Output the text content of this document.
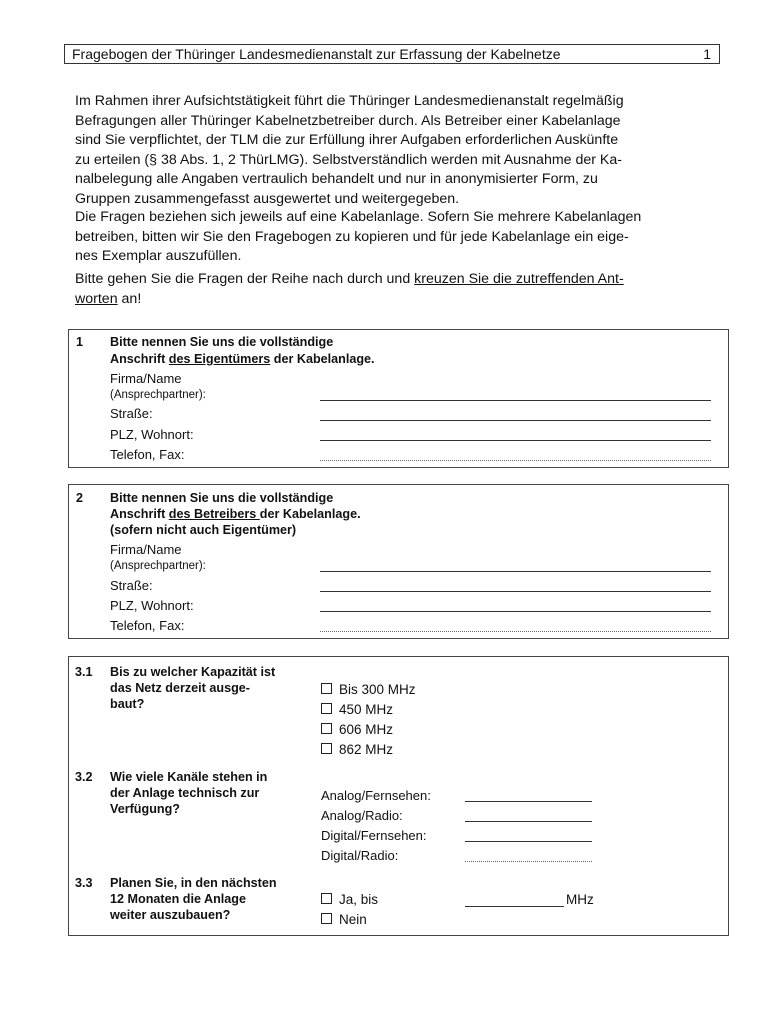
Fragebogen der Thüringer Landesmedienanstalt zur Erfassung der Kabelnetze	1
Im Rahmen ihrer Aufsichtstätigkeit führt die Thüringer Landesmedienanstalt regelmäßig
Befragungen aller Thüringer Kabelnetzbetreiber durch. Als Betreiber einer Kabelanlage
sind Sie verpflichtet, der TLM die zur Erfüllung ihrer Aufgaben erforderlichen Auskünfte
zu erteilen (§ 38 Abs. 1, 2 ThürLMG). Selbstverständlich werden mit Ausnahme der Ka-
nalbelegung alle Angaben vertraulich behandelt und nur in anonymisierter Form, zu
Gruppen zusammengefasst ausgewertet und weitergegeben.
Die Fragen beziehen sich jeweils auf eine Kabelanlage. Sofern Sie mehrere Kabelanlagen
betreiben, bitten wir Sie den Fragebogen zu kopieren und für jede Kabelanlage ein eige-
nes Exemplar auszufüllen.
Bitte gehen Sie die Fragen der Reihe nach durch und kreuzen Sie die zutreffenden Ant-
worten an!
1 Bitte nennen Sie uns die vollständige
Anschrift des Eigentümers der Kabelanlage.
Firma/Name
(Ansprechpartner):
Straße:
PLZ, Wohnort:
Telefon, Fax:
2 Bitte nennen Sie uns die vollständige
Anschrift des Betreibers der Kabelanlage.
(sofern nicht auch Eigentümer)
Firma/Name
(Ansprechpartner):
Straße:
PLZ, Wohnort:
Telefon, Fax:
3.1 Bis zu welcher Kapazität ist
das Netz derzeit ausge-
baut?
Bis 300 MHz
450 MHz
606 MHz
862 MHz
3.2 Wie viele Kanäle stehen in
der Anlage technisch zur
Verfügung?
Analog/Fernsehen:
Analog/Radio:
Digital/Fernsehen:
Digital/Radio:
3.3 Planen Sie, in den nächsten
12 Monaten die Anlage
weiter auszubauen?
Ja, bis	MHz
Nein
